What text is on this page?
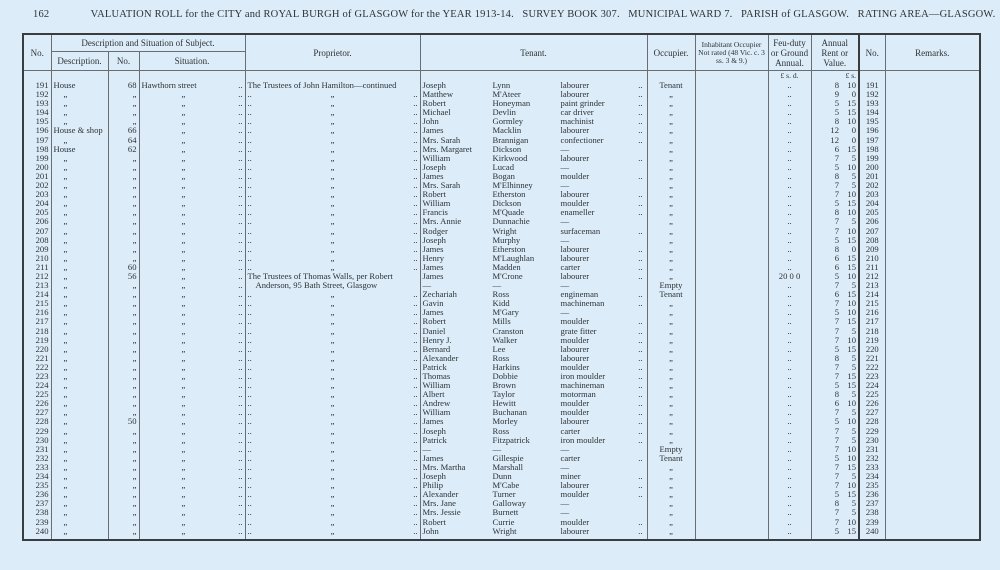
162	VALUATION ROLL for the CITY and ROYAL BURGH of GLASGOW for the YEAR 1913-14. SURVEY BOOK 307. MUNICIPAL WARD 7. PARISH of GLASGOW. RATING AREA—GLASGOW.
No.	Description and Situation of Subject.			Proprietor.	Tenant.	Occupier.	Inhabitant Occupier Not rated (48 Vic. c. 3 ss. 3 & 9.)	Feu-duty or Ground Annual.	Annual Rent or Value.	No.	Remarks.
	Description.	No.	Situation.								
								£ s. d.	£ s.		
191	House	68	Hawthorn street ..	The Trustees of John Hamilton—continued	Joseph Lynn labourer ..	Tenant		..	8 10	191	
192	„	„	„ ..	.. „ ..	Matthew M'Ateer labourer ..	„		..	9 0	192	
193	„	„	„ ..	.. „ ..	Robert Honeyman paint grinder ..	„		..	5 15	193	
194	„	„	„ ..	.. „ ..	Michael Devlin car driver ..	„		..	5 15	194	
195	„	„	„ ..	.. „ ..	John Gormley machinist ..	„		..	8 10	195	
196	House & shop	66	„ ..	.. „ ..	James Macklin labourer ..	„		..	12 0	196	
197	„	64	„ ..	.. „ ..	Mrs. Sarah Brannigan confectioner ..	„		..	12 0	197	
198	House	62	„ ..	.. „ ..	Mrs. Margaret Dickson —	„		..	6 15	198	
199	„	„	„ ..	.. „ ..	William Kirkwood labourer ..	„		..	7 5	199	
200	„	„	„ ..	.. „ ..	Joseph Lucad —	„		..	5 10	200	
201	„	„	„ ..	.. „ ..	James Bogan moulder ..	„		..	8 5	201	
202	„	„	„ ..	.. „ ..	Mrs. Sarah M'Elhinney —	„		..	7 5	202	
203	„	„	„ ..	.. „ ..	Robert Etherston labourer ..	„		..	7 10	203	
204	„	„	„ ..	.. „ ..	William Dickson moulder ..	„		..	5 15	204	
205	„	„	„ ..	.. „ ..	Francis M'Quade enameller ..	„		..	8 10	205	
206	„	„	„ ..	.. „ ..	Mrs. Annie Dunnachie —	„		..	7 5	206	
207	„	„	„ ..	.. „ ..	Rodger Wright surfaceman ..	„		..	7 10	207	
208	„	„	„ ..	.. „ ..	Joseph Murphy —	„		..	5 15	208	
209	„	„	„ ..	.. „ ..	James Etherston labourer ..	„		..	8 0	209	
210	„	„	„ ..	.. „ ..	Henry M'Laughlan labourer ..	„		..	6 15	210	
211	„	60	„ ..	.. „ ..	James Madden carter ..	„		..	6 15	211	
212	„	56	„ ..	The Trustees of Thomas Walls, per Robert	James M'Crone labourer ..	„		20 0 0	5 10	212	
213	„	„	„ ..	Anderson, 95 Bath Street, Glasgow	— — —	Empty		..	7 5	213	
214	„	„	„ ..	.. „ ..	Zechariah Ross engineman ..	Tenant		..	6 15	214	
215	„	„	„ ..	.. „ ..	Gavin Kidd machineman ..	„		..	7 10	215	
216	„	„	„ ..	.. „ ..	James M'Gary —	„		..	5 10	216	
217	„	„	„ ..	.. „ ..	Robert Mills moulder ..	„		..	7 15	217	
218	„	„	„ ..	.. „ ..	Daniel Cranston grate fitter ..	„		..	7 5	218	
219	„	„	„ ..	.. „ ..	Henry J. Walker moulder ..	„		..	7 10	219	
220	„	„	„ ..	.. „ ..	Bernard Lee labourer ..	„		..	5 15	220	
221	„	„	„ ..	.. „ ..	Alexander Ross labourer ..	„		..	8 5	221	
222	„	„	„ ..	.. „ ..	Patrick Harkins moulder ..	„		..	7 5	222	
223	„	„	„ ..	.. „ ..	Thomas Dobbie iron moulder ..	„		..	7 15	223	
224	„	„	„ ..	.. „ ..	William Brown machineman ..	„		..	5 15	224	
225	„	„	„ ..	.. „ ..	Albert Taylor motorman ..	„		..	8 5	225	
226	„	„	„ ..	.. „ ..	Andrew Hewitt moulder ..	„		..	6 10	226	
227	„	„	„ ..	.. „ ..	William Buchanan moulder ..	„		..	7 5	227	
228	„	50	„ ..	.. „ ..	James Morley labourer ..	„		..	5 10	228	
229	„	„	„ ..	.. „ ..	Joseph Ross carter ..	„		..	7 5	229	
230	„	„	„ ..	.. „ ..	Patrick Fitzpatrick iron moulder ..	„		..	7 5	230	
231	„	„	„ ..	.. „ ..	— — —	Empty		..	7 10	231	
232	„	„	„ ..	.. „ ..	James Gillespie carter ..	Tenant		..	5 10	232	
233	„	„	„ ..	.. „ ..	Mrs. Martha Marshall —	„		..	7 15	233	
234	„	„	„ ..	.. „ ..	Joseph Dunn miner ..	„		..	7 5	234	
235	„	„	„ ..	.. „ ..	Philip M'Cabe labourer ..	„		..	7 10	235	
236	„	„	„ ..	.. „ ..	Alexander Turner moulder ..	„		..	5 15	236	
237	„	„	„ ..	.. „ ..	Mrs. Jane Galloway —	„		..	8 5	237	
238	„	„	„ ..	.. „ ..	Mrs. Jessie Burnett —	„		..	7 5	238	
239	„	„	„ ..	.. „ ..	Robert Currie moulder ..	„		..	7 10	239	
240	„	„	„ ..	.. „ ..	John Wright labourer ..	„		..	5 15	240	
